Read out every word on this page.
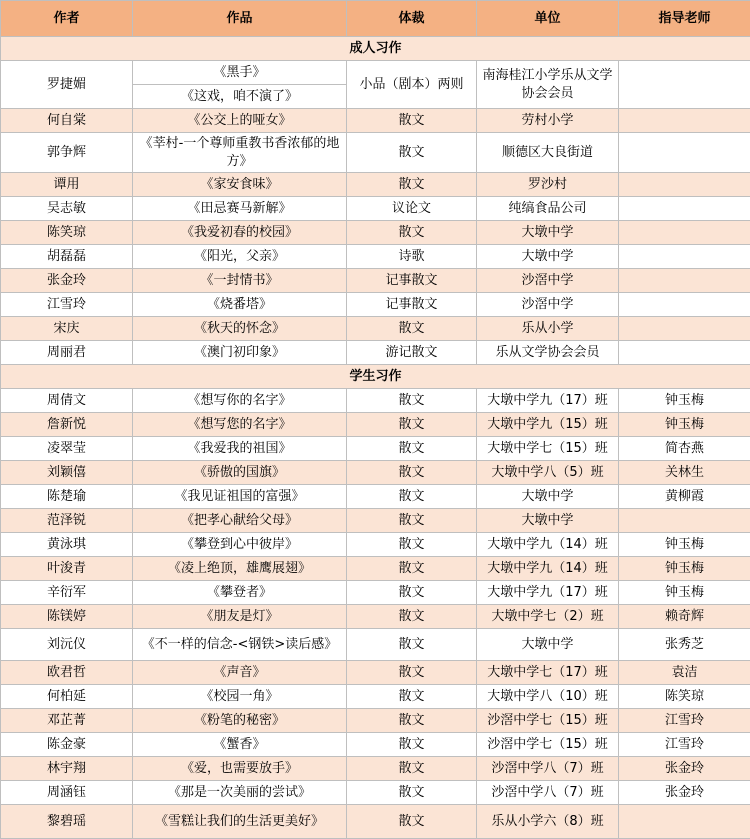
作者	作品	体裁	单位	指导老师
成人习作				
罗捷媚	《黑手》	小品（剧本）两则	南海桂江小学乐从文学协会会员	
	《这戏，咱不演了》			
何自棠	《公交上的哑女》	散文	劳村小学	
郭争辉	《莘村-一个尊师重教书香浓郁的地方》	散文	顺德区大良街道	
谭用	《家安食味》	散文	罗沙村	
吴志敏	《田忌赛马新解》	议论文	纯缟食品公司	
陈笑琼	《我爱初春的校园》	散文	大墩中学	
胡磊磊	《阳光，父亲》	诗歌	大墩中学	
张金玲	《一封情书》	记事散文	沙滘中学	
江雪玲	《烧番塔》	记事散文	沙滘中学	
宋庆	《秋天的怀念》	散文	乐从小学	
周丽君	《澳门初印象》	游记散文	乐从文学协会会员	
学生习作				
周倩文	《想写你的名字》	散文	大墩中学九（17）班	钟玉梅
詹新悦	《想写您的名字》	散文	大墩中学九（15）班	钟玉梅
凌翠莹	《我爱我的祖国》	散文	大墩中学七（15）班	简杏燕
刘颖僖	《骄傲的国旗》	散文	大墩中学八（5）班	关林生
陈楚瑜	《我见证祖国的富强》	散文	大墩中学	黄柳霞
范泽锐	《把孝心献给父母》	散文	大墩中学	
黄泳琪	《攀登到心中彼岸》	散文	大墩中学九（14）班	钟玉梅
叶浚青	《凌上绝顶，雄鹰展翅》	散文	大墩中学九（14）班	钟玉梅
辛衍军	《攀登者》	散文	大墩中学九（17）班	钟玉梅
陈镁婷	《朋友是灯》	散文	大墩中学七（2）班	赖奇辉
刘沅仪	《不一样的信念-<钢铁>读后感》	散文	大墩中学	张秀芝
欧君哲	《声音》	散文	大墩中学七（17）班	袁洁
何柏延	《校园一角》	散文	大墩中学八（10）班	陈笑琼
邓芷菁	《粉笔的秘密》	散文	沙滘中学七（15）班	江雪玲
陈金豪	《蟹香》	散文	沙滘中学七（15）班	江雪玲
林宇翔	《爱，也需要放手》	散文	沙滘中学八（7）班	张金玲
周涵钰	《那是一次美丽的尝试》	散文	沙滘中学八（7）班	张金玲
黎碧瑶	《雪糕让我们的生活更美好》	散文	乐从小学六（8）班	
